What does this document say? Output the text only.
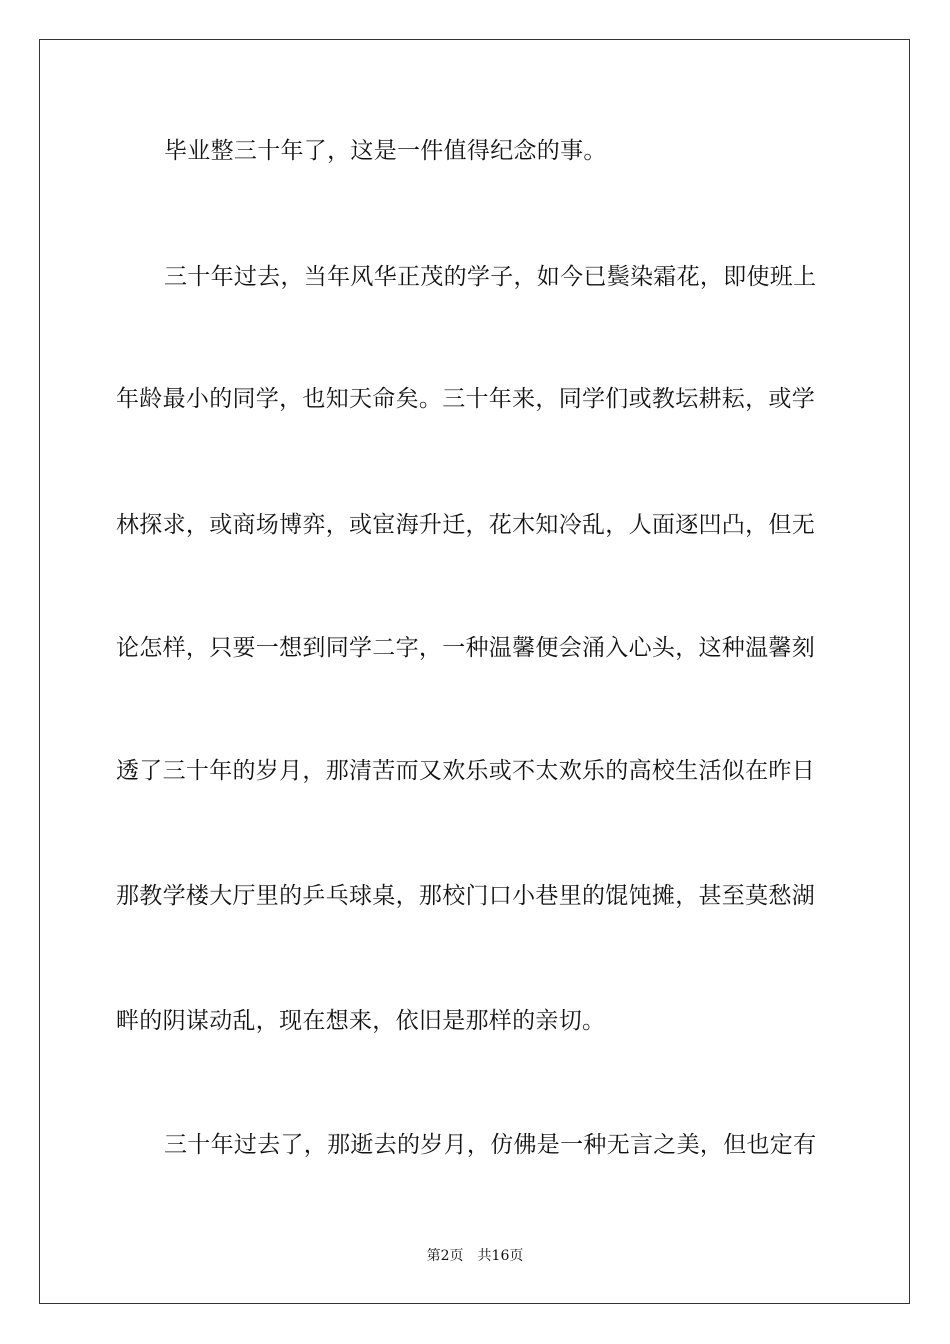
毕业整三十年了，这是一件值得纪念的事。
三十年过去，当年风华正茂的学子，如今已鬓染霜花，即使班上
年龄最小的同学，也知天命矣。三十年来，同学们或教坛耕耘，或学
林探求，或商场博弈，或宦海升迁，花木知冷乱，人面逐凹凸，但无
论怎样，只要一想到同学二字，一种温馨便会涌入心头，这种温馨刻
透了三十年的岁月，那清苦而又欢乐或不太欢乐的高校生活似在昨日
那教学楼大厅里的乒乓球桌，那校门口小巷里的馄饨摊，甚至莫愁湖
畔的阴谋动乱，现在想来，依旧是那样的亲切。
三十年过去了，那逝去的岁月，仿佛是一种无言之美，但也定有
第2页 共16页
